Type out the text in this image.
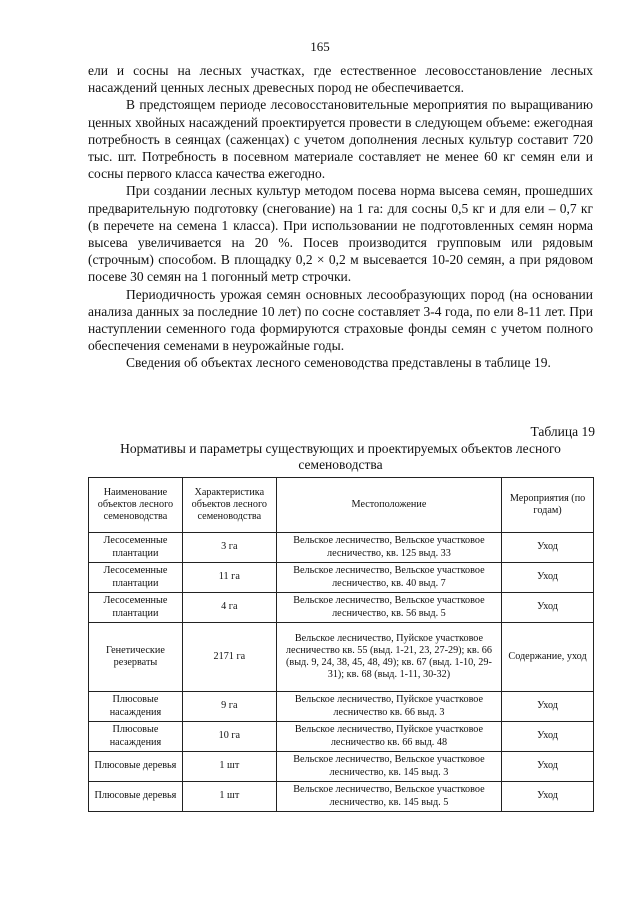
165

ели и сосны на лесных участках, где естественное лесовосстановление лесных насаждений ценных лесных древесных пород не обеспечивается.

В предстоящем периоде лесовосстановительные мероприятия по выращиванию ценных хвойных насаждений проектируется провести в следующем объеме: ежегодная потребность в сеянцах (саженцах) с учетом дополнения лесных культур составит 720 тыс. шт. Потребность в посевном материале составляет не менее 60 кг семян ели и сосны первого класса качества ежегодно.

При создании лесных культур методом посева норма высева семян, прошедших предварительную подготовку (снегование) на 1 га: для сосны 0,5 кг и для ели – 0,7 кг (в перечете на семена 1 класса). При использовании не подготовленных семян норма высева увеличивается на 20 %. Посев производится групповым или рядовым (строчным) способом. В площадку 0,2 × 0,2 м высевается 10-20 семян, а при рядовом посеве 30 семян на 1 погонный метр строчки.

Периодичность урожая семян основных лесообразующих пород (на основании анализа данных за последние 10 лет) по сосне составляет 3-4 года, по ели 8-11 лет. При наступлении семенного года формируются страховые фонды семян с учетом полного обеспечения семенами в неурожайные годы.

Сведения об объектах лесного семеноводства представлены в таблице 19.

Таблица 19
Нормативы и параметры существующих и проектируемых объектов лесного семеноводства
Наименование объектов лесного семеноводства	Характеристика объектов лесного семеноводства	Местоположение	Мероприятия (по годам)
Лесосеменные плантации	3 га	Вельское лесничество, Вельское участковое лесничество, кв. 125 выд. 33	Уход
Лесосеменные плантации	11 га	Вельское лесничество, Вельское участковое лесничество, кв. 40 выд. 7	Уход
Лесосеменные плантации	4 га	Вельское лесничество, Вельское участковое лесничество, кв. 56 выд. 5	Уход
Генетические резерваты	2171 га	Вельское лесничество, Пуйское участковое лесничество кв. 55 (выд. 1-21, 23, 27-29); кв. 66 (выд. 9, 24, 38, 45, 48, 49); кв. 67 (выд. 1-10, 29-31); кв. 68 (выд. 1-11, 30-32)	Содержание, уход
Плюсовые насаждения	9 га	Вельское лесничество, Пуйское участковое лесничество кв. 66 выд. 3	Уход
Плюсовые насаждения	10 га	Вельское лесничество, Пуйское участковое лесничество кв. 66 выд. 48	Уход
Плюсовые деревья	1 шт	Вельское лесничество, Вельское участковое лесничество, кв. 145 выд. 3	Уход
Плюсовые деревья	1 шт	Вельское лесничество, Вельское участковое лесничество, кв. 145 выд. 5	Уход
